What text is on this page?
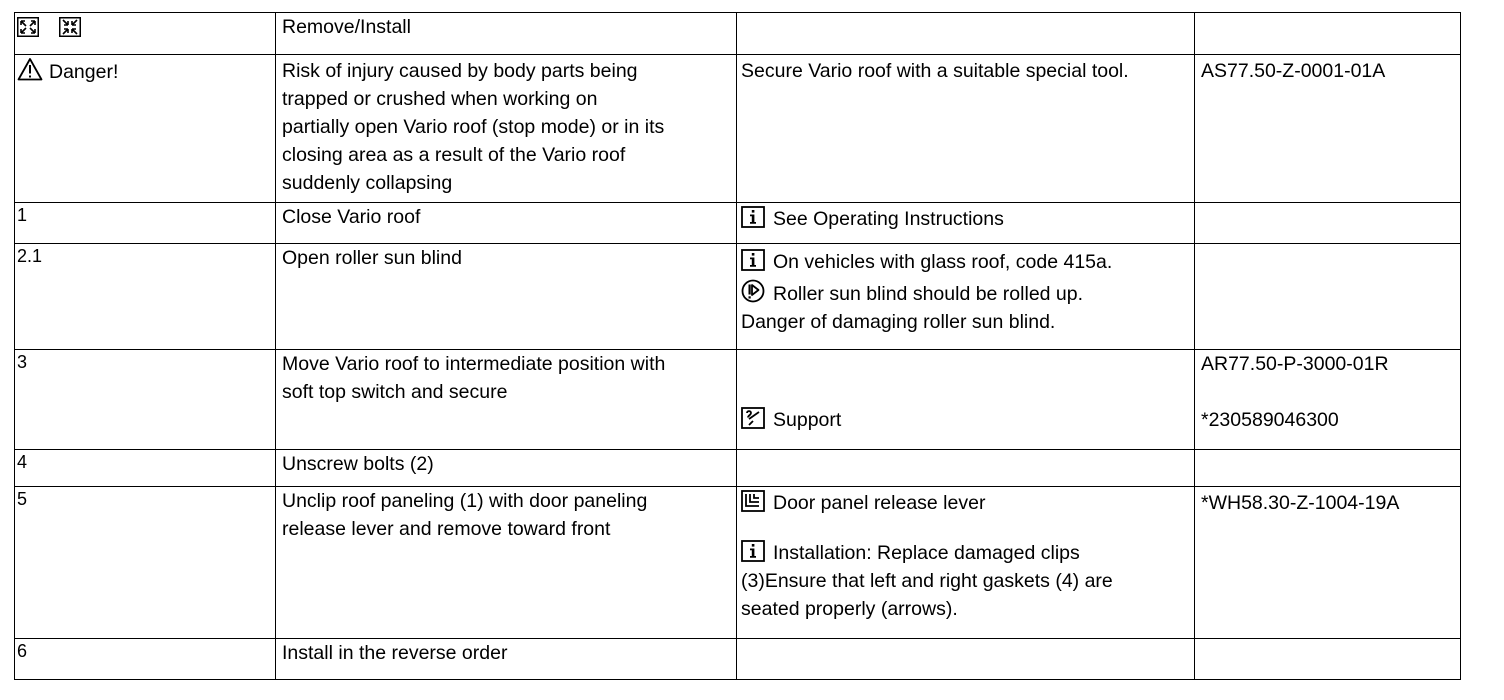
	Remove/Install		

Danger!	Risk of injury caused by body parts being
trapped or crushed when working on
partially open Vario roof (stop mode) or in its
closing area as a result of the Vario roof
suddenly collapsing	Secure Vario roof with a suitable special tool.	AS77.50-Z-0001-01A

1	Close Vario roof	See Operating Instructions	
2.1	Open roller sun blind	On vehicles with glass roof, code 415a.
Roller sun blind should be rolled up.
Danger of damaging roller sun blind.	

3	Move Vario roof to intermediate position with
soft top switch and secure	Support	AR77.50-P-3000-01R
*230589046300

4	Unscrew bolts (2)		

5	Unclip roof paneling (1) with door paneling
release lever and remove toward front	Door panel release lever
Installation: Replace damaged clips
(3)Ensure that left and right gaskets (4) are
seated properly (arrows).	*WH58.30-Z-1004-19A

6	Install in the reverse order		
